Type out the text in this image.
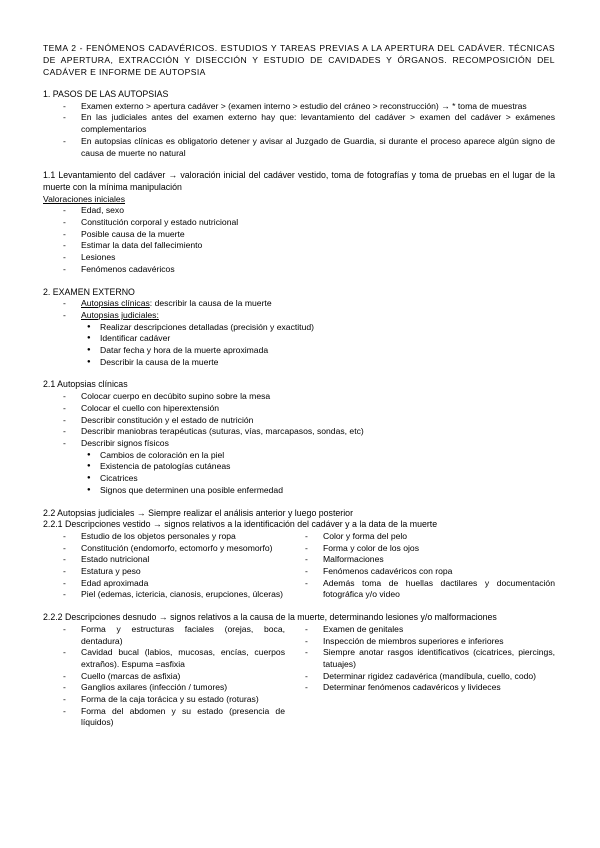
TEMA 2 - FENÓMENOS CADAVÉRICOS. ESTUDIOS Y TAREAS PREVIAS A LA APERTURA DEL CADÁVER. TÉCNICAS DE APERTURA, EXTRACCIÓN Y DISECCIÓN Y ESTUDIO DE CAVIDADES Y ÓRGANOS. RECOMPOSICIÓN DEL CADÁVER E INFORME DE AUTOPSIA
1. PASOS DE LAS AUTOPSIAS
- Examen externo > apertura cadáver > (examen interno > estudio del cráneo > reconstrucción) → * toma de muestras
- En las judiciales antes del examen externo hay que: levantamiento del cadáver > examen del cadáver > exámenes complementarios
- En autopsias clínicas es obligatorio detener y avisar al Juzgado de Guardia, si durante el proceso aparece algún signo de causa de muerte no natural
1.1 Levantamiento del cadáver → valoración inicial del cadáver vestido, toma de fotografías y toma de pruebas en el lugar de la muerte con la mínima manipulación
Valoraciones iniciales
- Edad, sexo
- Constitución corporal y estado nutricional
- Posible causa de la muerte
- Estimar la data del fallecimiento
- Lesiones
- Fenómenos cadavéricos
2. EXAMEN EXTERNO
- Autopsias clínicas: describir la causa de la muerte
- Autopsias judiciales:
● Realizar descripciones detalladas (precisión y exactitud)
● Identificar cadáver
● Datar fecha y hora de la muerte aproximada
● Describir la causa de la muerte
2.1 Autopsias clínicas
- Colocar cuerpo en decúbito supino sobre la mesa
- Colocar el cuello con hiperextensión
- Describir constitución y el estado de nutrición
- Describir maniobras terapéuticas (suturas, vías, marcapasos, sondas, etc)
- Describir signos físicos
● Cambios de coloración en la piel
● Existencia de patologías cutáneas
● Cicatrices
● Signos que determinen una posible enfermedad
2.2 Autopsias judiciales → Siempre realizar el análisis anterior y luego posterior
2.2.1 Descripciones vestido → signos relativos a la identificación del cadáver y a la data de la muerte
- Estudio de los objetos personales y ropa
- Constitución (endomorfo, ectomorfo y mesomorfo)
- Estado nutricional
- Estatura y peso
- Edad aproximada
- Piel (edemas, ictericia, cianosis, erupciones, úlceras)
- Color y forma del pelo
- Forma y color de los ojos
- Malformaciones
- Fenómenos cadavéricos con ropa
- Además toma de huellas dactilares y documentación fotográfica y/o video
2.2.2 Descripciones desnudo → signos relativos a la causa de la muerte, determinando lesiones y/o malformaciones
- Forma y estructuras faciales (orejas, boca, dentadura)
- Cavidad bucal (labios, mucosas, encías, cuerpos extraños). Espuma =asfixia
- Cuello (marcas de asfixia)
- Ganglios axilares (infección / tumores)
- Forma de la caja torácica y su estado (roturas)
- Forma del abdomen y su estado (presencia de líquidos)
- Examen de genitales
- Inspección de miembros superiores e inferiores
- Siempre anotar rasgos identificativos (cicatrices, piercings, tatuajes)
- Determinar rigidez cadavérica (mandíbula, cuello, codo)
- Determinar fenómenos cadavéricos y livideces
